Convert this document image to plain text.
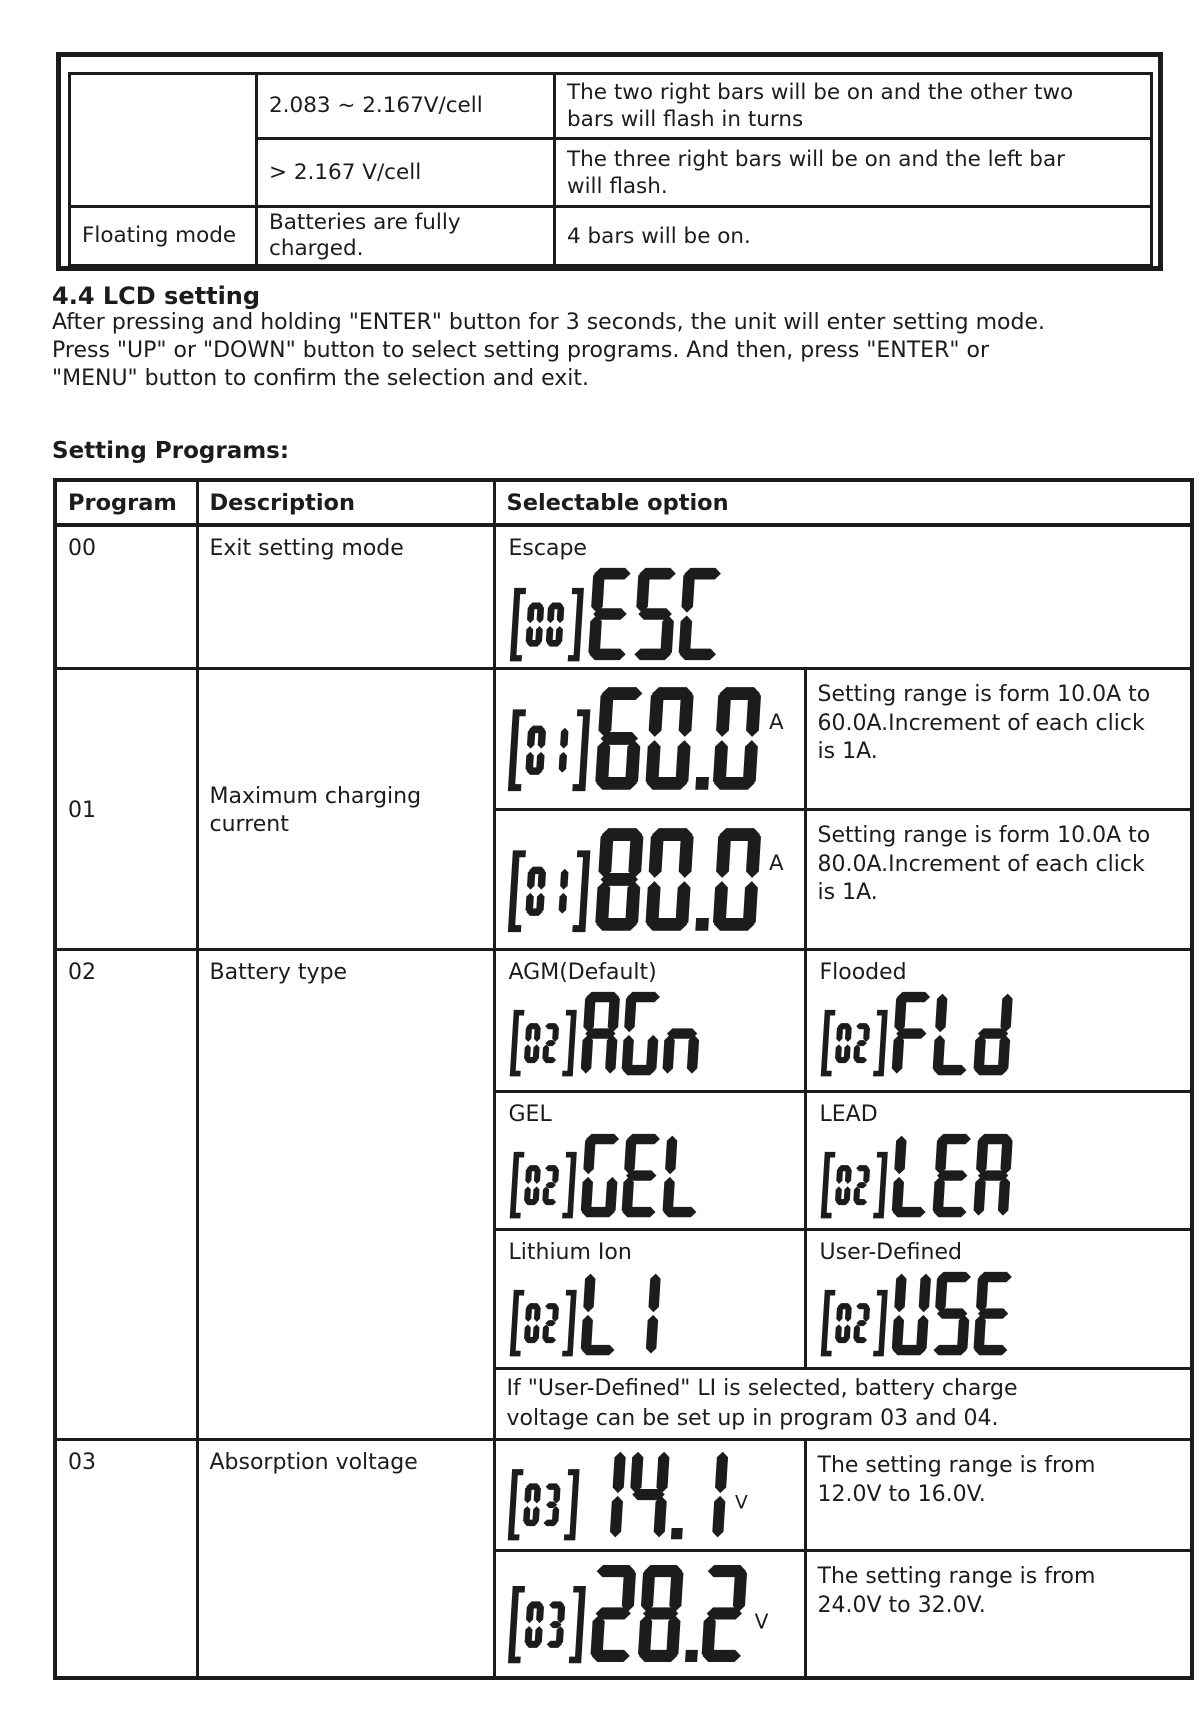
	2.083 ~ 2.167V/cell	The two right bars will be on and the other two
bars will flash in turns

	> 2.167 V/cell	The three right bars will be on and the left bar
will flash.

Floating mode	Batteries are fully charged.	4 bars will be on.
4.4 LCD setting
After pressing and holding "ENTER" button for 3 seconds, the unit will enter setting mode.
Press "UP" or "DOWN" button to select setting programs. And then, press "ENTER" or
"MENU" button to confirm the selection and exit.
Setting Programs:
Program	Description	Selectable option	
00	Exit setting mode	Escape	

01	Maximum charging current	A	Setting range is form 10.0A to
60.0A.Increment of each click
is 1A.

A	Setting range is form 10.0A to
80.0A.Increment of each click
is 1A.

02	Battery type	AGM(Default)	Flooded

		GEL	LEAD

		Lithium Ion	User-Defined

		If "User-Defined" LI is selected, battery charge
voltage can be set up in program 03 and 04.	

03	Absorption voltage	V	The setting range is from
12.0V to 16.0V.

V	The setting range is from
24.0V to 32.0V.
